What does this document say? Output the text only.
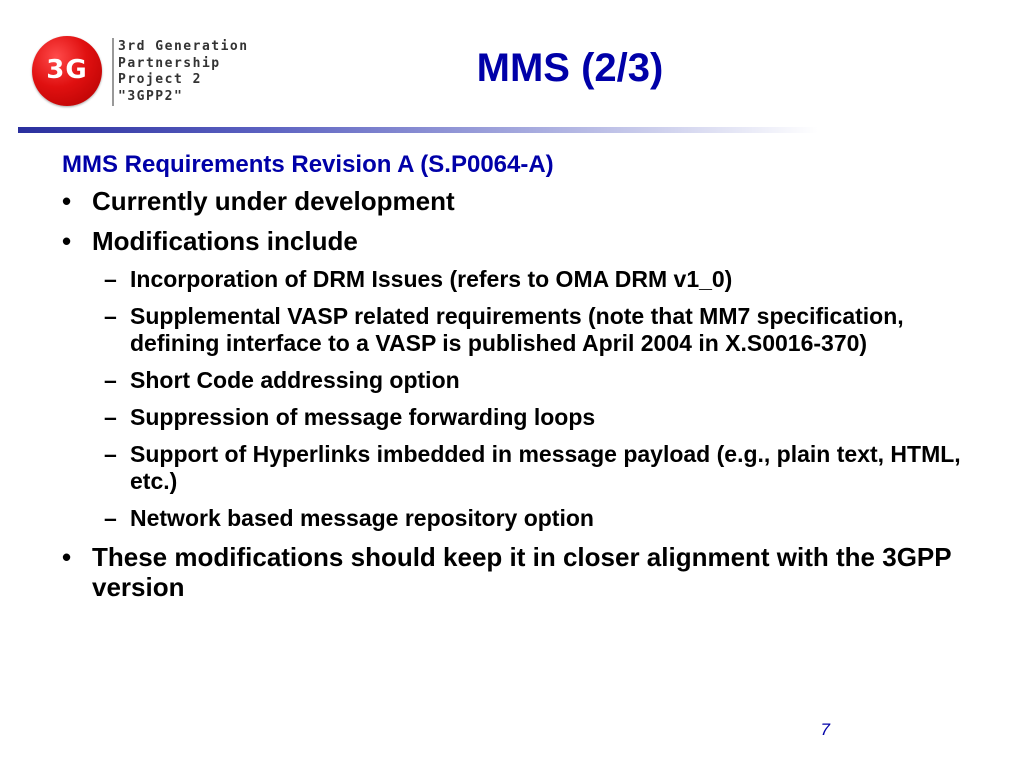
3G
3rd Generation
Partnership
Project 2
"3GPP2"
MMS (2/3)
MMS Requirements Revision A (S.P0064-A)
• Currently under development
• Modifications include
– Incorporation of DRM Issues (refers to OMA DRM v1_0)
– Supplemental VASP related requirements (note that MM7 specification, defining interface to a VASP is published April 2004 in X.S0016-370)
– Short Code addressing option
– Suppression of message forwarding loops
– Support of Hyperlinks imbedded in message payload (e.g., plain text, HTML, etc.)
– Network based message repository option
• These modifications should keep it in closer alignment with the 3GPP version
7
